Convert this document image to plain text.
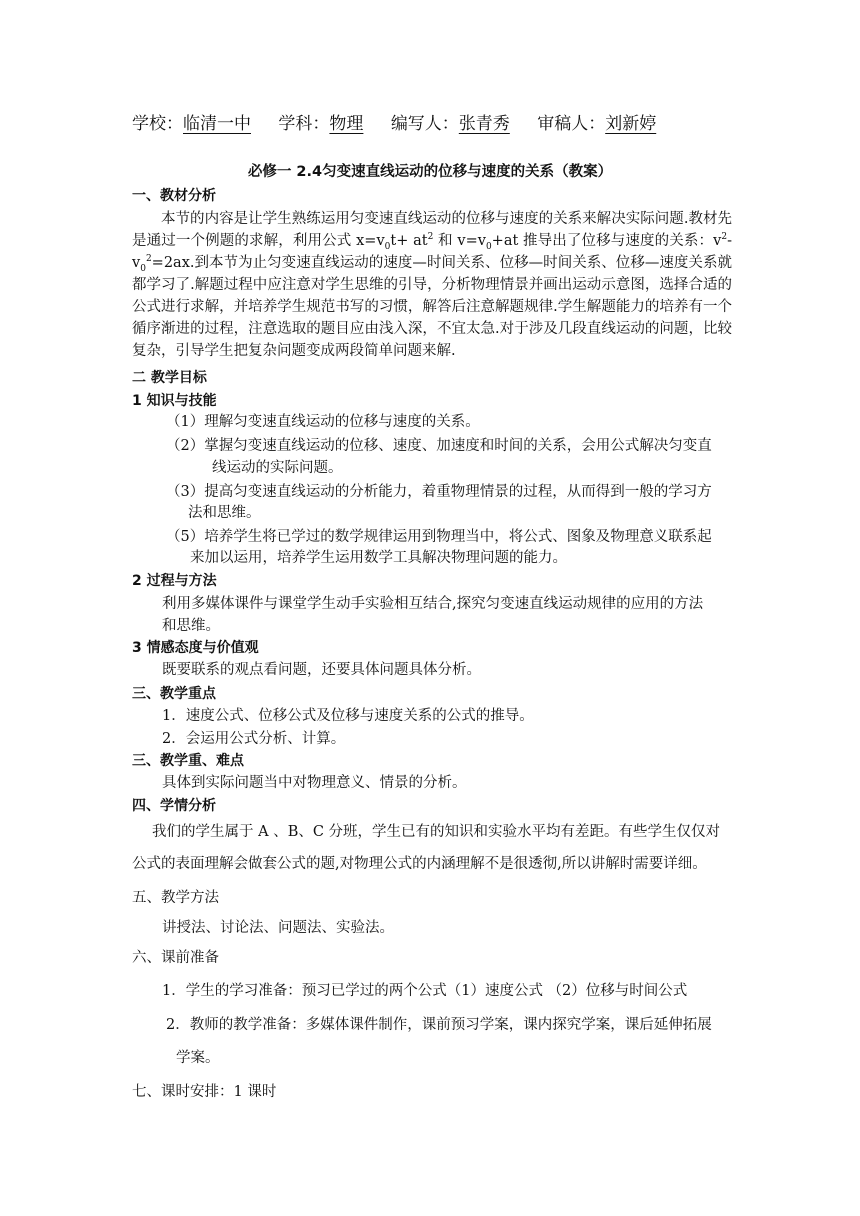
学校：临清一中 学科：物理 编写人：张青秀 审稿人：刘新婷
必修一 2.4匀变速直线运动的位移与速度的关系（教案）
一、教材分析
本节的内容是让学生熟练运用匀变速直线运动的位移与速度的关系来解决实际问题.教材先是通过一个例题的求解，利用公式 $x=v_0t+ at^2$ 和 $v=v_0+at$ 推导出了位移与速度的关系：$v^2-v_0^2=2ax$.到本节为止匀变速直线运动的速度—时间关系、位移—时间关系、位移—速度关系就都学习了.解题过程中应注意对学生思维的引导，分析物理情景并画出运动示意图，选择合适的公式进行求解，并培养学生规范书写的习惯，解答后注意解题规律.学生解题能力的培养有一个循序渐进的过程，注意选取的题目应由浅入深，不宜太急.对于涉及几段直线运动的问题，比较复杂，引导学生把复杂问题变成两段简单问题来解.
二 教学目标
1 知识与技能
（1）理解匀变速直线运动的位移与速度的关系。
（2）掌握匀变速直线运动的位移、速度、加速度和时间的关系，会用公式解决匀变直
线运动的实际问题。
（3）提高匀变速直线运动的分析能力，着重物理情景的过程，从而得到一般的学习方
法和思维。
（5）培养学生将已学过的数学规律运用到物理当中，将公式、图象及物理意义联系起
来加以运用，培养学生运用数学工具解决物理问题的能力。
2 过程与方法
利用多媒体课件与课堂学生动手实验相互结合,探究匀变速直线运动规律的应用的方法
和思维。
3 情感态度与价值观
既要联系的观点看问题，还要具体问题具体分析。
三、教学重点
1．速度公式、位移公式及位移与速度关系的公式的推导。
2．会运用公式分析、计算。
三、教学重、难点
具体到实际问题当中对物理意义、情景的分析。
四、学情分析
我们的学生属于 A 、B、C 分班，学生已有的知识和实验水平均有差距。有些学生仅仅对
公式的表面理解会做套公式的题,对物理公式的内涵理解不是很透彻,所以讲解时需要详细。
五、教学方法
讲授法、讨论法、问题法、实验法。
六、课前准备
1．学生的学习准备：预习已学过的两个公式（1）速度公式 （2）位移与时间公式
2．教师的教学准备：多媒体课件制作，课前预习学案，课内探究学案，课后延伸拓展
学案。
七、课时安排：1 课时
